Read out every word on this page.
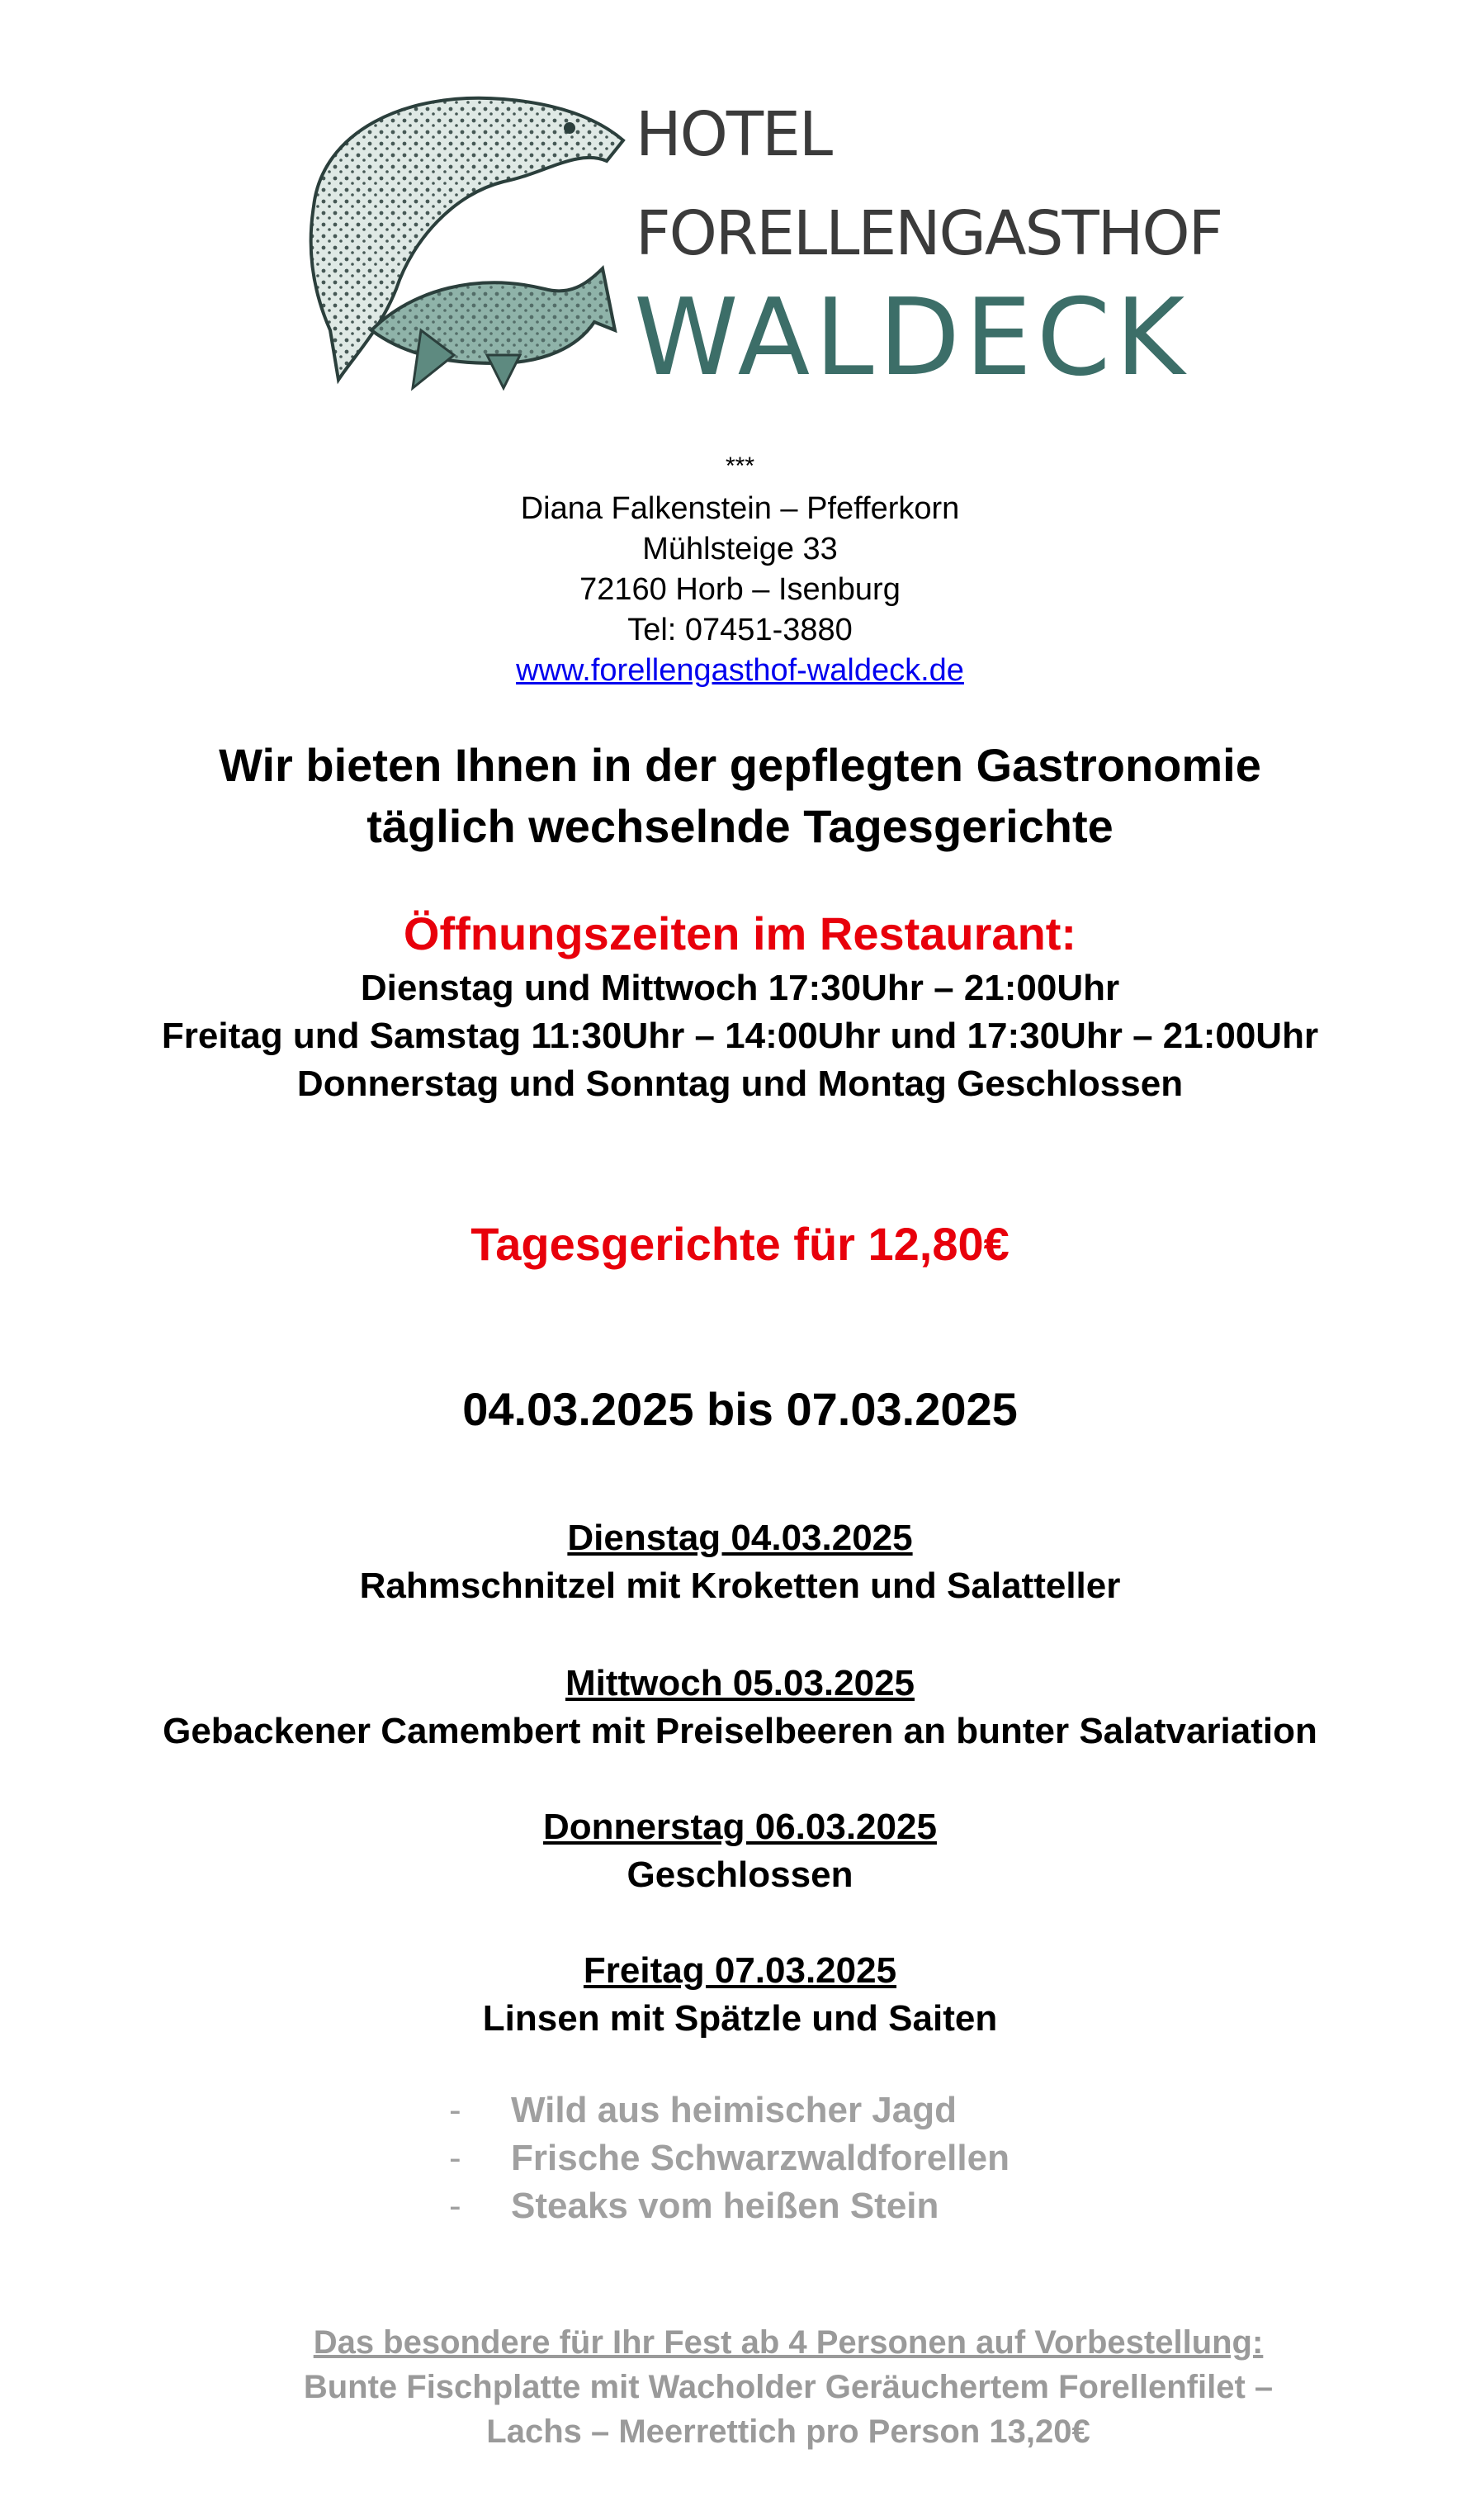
HOTEL
FORELLENGASTHOF
WALDECK
***
Diana Falkenstein – Pfefferkorn
Mühlsteige 33
72160 Horb – Isenburg
Tel: 07451-3880
www.forellengasthof-waldeck.de
Wir bieten Ihnen in der gepflegten Gastronomie
täglich wechselnde Tagesgerichte
Öffnungszeiten im Restaurant:
Dienstag und Mittwoch 17:30Uhr – 21:00Uhr
Freitag und Samstag 11:30Uhr – 14:00Uhr und 17:30Uhr – 21:00Uhr
Donnerstag und Sonntag und Montag Geschlossen
Tagesgerichte für 12,80€
04.03.2025 bis 07.03.2025
Dienstag 04.03.2025
Rahmschnitzel mit Kroketten und Salatteller
Mittwoch 05.03.2025
Gebackener Camembert mit Preiselbeeren an bunter Salatvariation
Donnerstag 06.03.2025
Geschlossen
Freitag 07.03.2025
Linsen mit Spätzle und Saiten
-	Wild aus heimischer Jagd
-	Frische Schwarzwaldforellen
-	Steaks vom heißen Stein
Das besondere für Ihr Fest ab 4 Personen auf Vorbestellung:
Bunte Fischplatte mit Wacholder Geräuchertem Forellenfilet –
Lachs – Meerrettich pro Person 13,20€
